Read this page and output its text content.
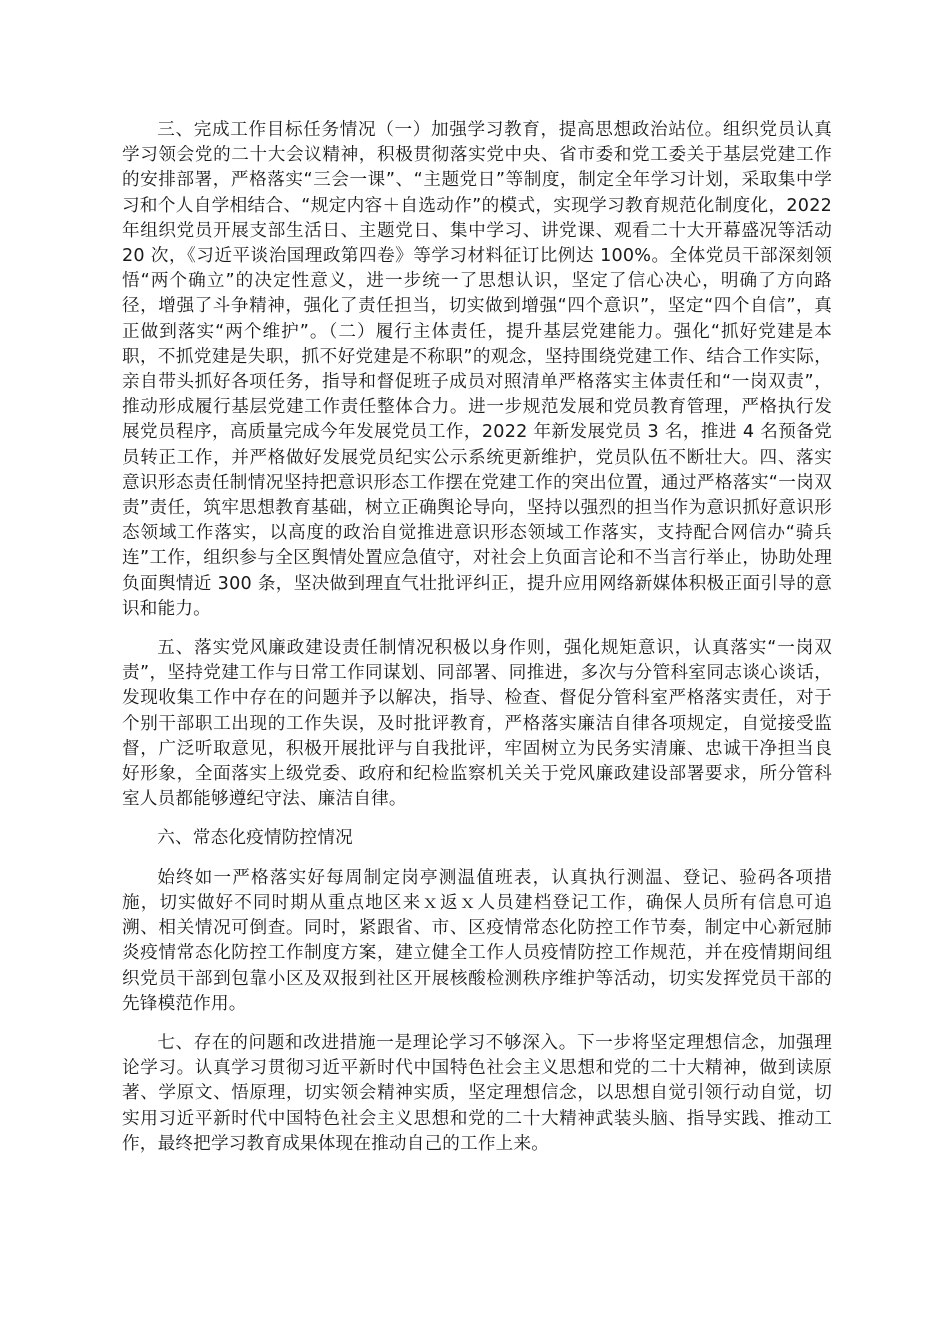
三、完成工作目标任务情况（一）加强学习教育，提高思想政治站位。组织党员认真学习领会党的二十大会议精神，积极贯彻落实党中央、省市委和党工委关于基层党建工作的安排部署，严格落实“三会一课”、“主题党日”等制度，制定全年学习计划，采取集中学习和个人自学相结合、“规定内容＋自选动作”的模式，实现学习教育规范化制度化，2022 年组织党员开展支部生活日、主题党日、集中学习、讲党课、观看二十大开幕盛况等活动 20 次，《习近平谈治国理政第四卷》等学习材料征订比例达 100%。全体党员干部深刻领悟“两个确立”的决定性意义，进一步统一了思想认识，坚定了信心决心，明确了方向路径，增强了斗争精神，强化了责任担当，切实做到增强“四个意识”，坚定“四个自信”，真正做到落实“两个维护”。（二）履行主体责任，提升基层党建能力。强化“抓好党建是本职，不抓党建是失职，抓不好党建是不称职”的观念，坚持围绕党建工作、结合工作实际，亲自带头抓好各项任务，指导和督促班子成员对照清单严格落实主体责任和“一岗双责”，推动形成履行基层党建工作责任整体合力。进一步规范发展和党员教育管理，严格执行发展党员程序，高质量完成今年发展党员工作，2022 年新发展党员 3 名，推进 4 名预备党员转正工作，并严格做好发展党员纪实公示系统更新维护，党员队伍不断壮大。四、落实意识形态责任制情况坚持把意识形态工作摆在党建工作的突出位置，通过严格落实“一岗双责”责任，筑牢思想教育基础，树立正确舆论导向，坚持以强烈的担当作为意识抓好意识形态领域工作落实，以高度的政治自觉推进意识形态领域工作落实，支持配合网信办“骑兵连”工作，组织参与全区舆情处置应急值守，对社会上负面言论和不当言行举止，协助处理负面舆情近 300 条，坚决做到理直气壮批评纠正，提升应用网络新媒体积极正面引导的意识和能力。

五、落实党风廉政建设责任制情况积极以身作则，强化规矩意识，认真落实“一岗双责”，坚持党建工作与日常工作同谋划、同部署、同推进，多次与分管科室同志谈心谈话，发现收集工作中存在的问题并予以解决，指导、检查、督促分管科室严格落实责任，对于个别干部职工出现的工作失误，及时批评教育，严格落实廉洁自律各项规定，自觉接受监督，广泛听取意见，积极开展批评与自我批评，牢固树立为民务实清廉、忠诚干净担当良好形象，全面落实上级党委、政府和纪检监察机关关于党风廉政建设部署要求，所分管科室人员都能够遵纪守法、廉洁自律。

六、常态化疫情防控情况

始终如一严格落实好每周制定岗亭测温值班表，认真执行测温、登记、验码各项措施，切实做好不同时期从重点地区来ｘ返ｘ人员建档登记工作，确保人员所有信息可追溯、相关情况可倒查。同时，紧跟省、市、区疫情常态化防控工作节奏，制定中心新冠肺炎疫情常态化防控工作制度方案，建立健全工作人员疫情防控工作规范，并在疫情期间组织党员干部到包靠小区及双报到社区开展核酸检测秩序维护等活动，切实发挥党员干部的先锋模范作用。

七、存在的问题和改进措施一是理论学习不够深入。下一步将坚定理想信念，加强理论学习。认真学习贯彻习近平新时代中国特色社会主义思想和党的二十大精神，做到读原著、学原文、悟原理，切实领会精神实质，坚定理想信念，以思想自觉引领行动自觉，切实用习近平新时代中国特色社会主义思想和党的二十大精神武装头脑、指导实践、推动工作，最终把学习教育成果体现在推动自己的工作上来。
